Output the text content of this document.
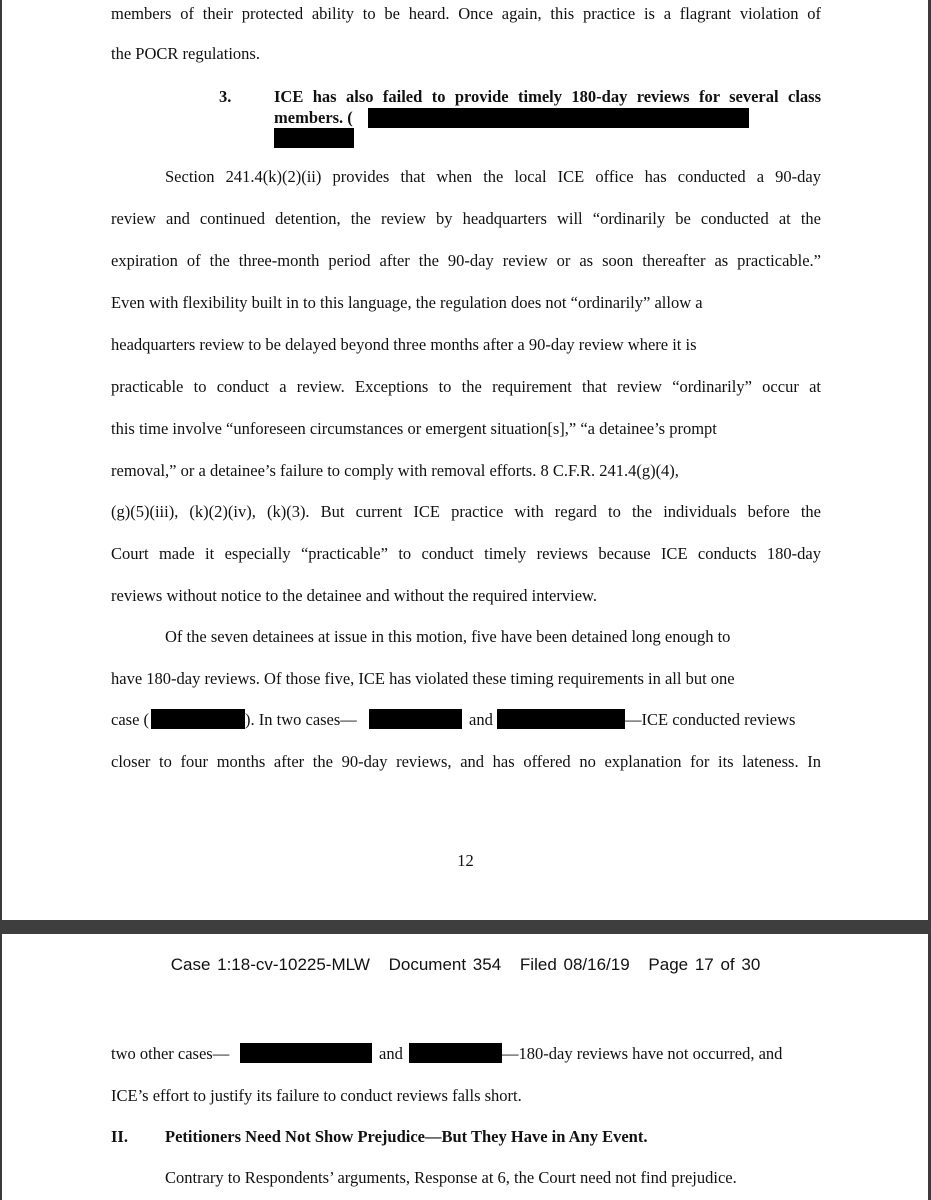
members of their protected ability to be heard. Once again, this practice is a flagrant violation of
the POCR regulations.
3.	ICE has also failed to provide timely 180-day reviews for several class
members. (
Section 241.4(k)(2)(ii) provides that when the local ICE office has conducted a 90-day
review and continued detention, the review by headquarters will “ordinarily be conducted at the
expiration of the three-month period after the 90-day review or as soon thereafter as practicable.”
Even with flexibility built in to this language, the regulation does not “ordinarily” allow a
headquarters review to be delayed beyond three months after a 90-day review where it is
practicable to conduct a review. Exceptions to the requirement that review “ordinarily” occur at
this time involve “unforeseen circumstances or emergent situation[s],” “a detainee’s prompt
removal,” or a detainee’s failure to comply with removal efforts. 8 C.F.R. 241.4(g)(4),
(g)(5)(iii), (k)(2)(iv), (k)(3). But current ICE practice with regard to the individuals before the
Court made it especially “practicable” to conduct timely reviews because ICE conducts 180-day
reviews without notice to the detainee and without the required interview.
Of the seven detainees at issue in this motion, five have been detained long enough to
have 180-day reviews. Of those five, ICE has violated these timing requirements in all but one
case (	). In two cases—	and	—ICE conducted reviews
closer to four months after the 90-day reviews, and has offered no explanation for its lateness. In
12
Case 1:18-cv-10225-MLW Document 354 Filed 08/16/19 Page 17 of 30
two other cases—	and	—180-day reviews have not occurred, and
ICE’s effort to justify its failure to conduct reviews falls short.
II. Petitioners Need Not Show Prejudice—But They Have in Any Event.
Contrary to Respondents’ arguments, Response at 6, the Court need not find prejudice.
